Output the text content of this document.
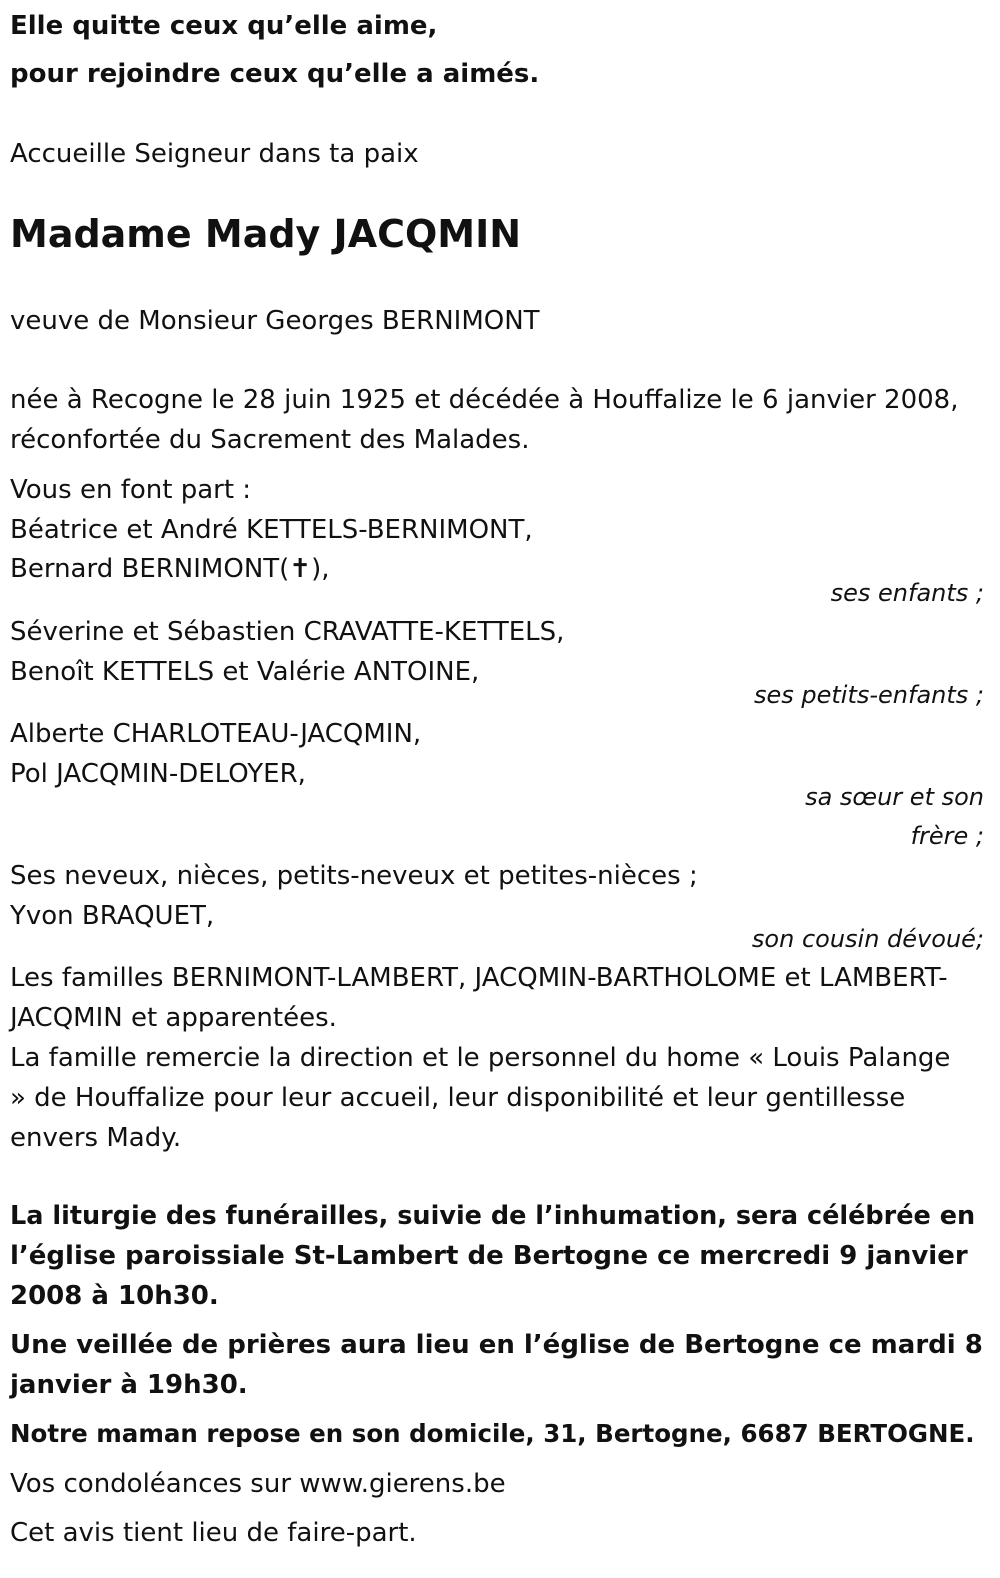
Elle quitte ceux qu’elle aime,
pour rejoindre ceux qu’elle a aimés.
Accueille Seigneur dans ta paix
Madame Mady JACQMIN
veuve de Monsieur Georges BERNIMONT
née à Recogne le 28 juin 1925 et décédée à Houffalize le 6 janvier 2008,
réconfortée du Sacrement des Malades.
Vous en font part :
Béatrice et André KETTELS-BERNIMONT,
Bernard BERNIMONT(✝),
ses enfants ;
Séverine et Sébastien CRAVATTE-KETTELS,
Benoît KETTELS et Valérie ANTOINE,
ses petits-enfants ;
Alberte CHARLOTEAU-JACQMIN,
Pol JACQMIN-DELOYER,
sa sœur et son
frère ;
Ses neveux, nièces, petits-neveux et petites-nièces ;
Yvon BRAQUET,
son cousin dévoué;
Les familles BERNIMONT-LAMBERT, JACQMIN-BARTHOLOME et LAMBERT-
JACQMIN et apparentées.
La famille remercie la direction et le personnel du home « Louis Palange
» de Houffalize pour leur accueil, leur disponibilité et leur gentillesse
envers Mady.
La liturgie des funérailles, suivie de l’inhumation, sera célébrée en
l’église paroissiale St-Lambert de Bertogne ce mercredi 9 janvier
2008 à 10h30.
Une veillée de prières aura lieu en l’église de Bertogne ce mardi 8
janvier à 19h30.
Notre maman repose en son domicile, 31, Bertogne, 6687 BERTOGNE.
Vos condoléances sur www.gierens.be
Cet avis tient lieu de faire-part.
